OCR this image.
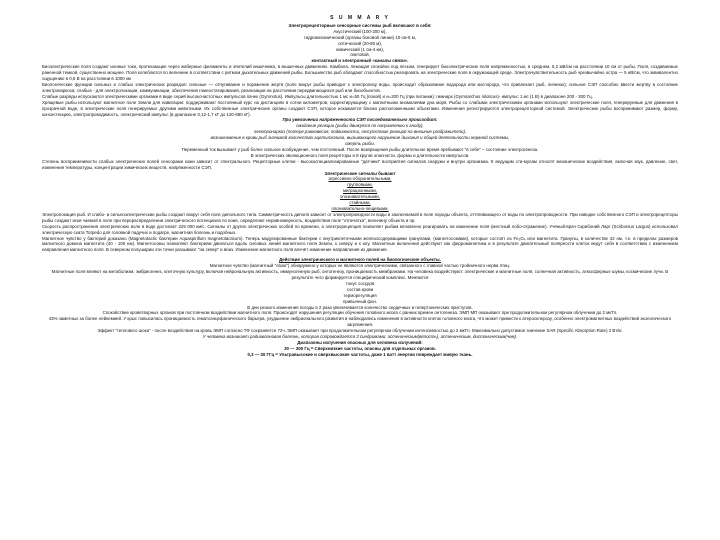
S U M M A R Y

Электрорецепторные сенсорные системы рыб включают в себя:

Акустический (100-200 м),

гидромеханический (органы боковой линии) 10 см-5 м,

оптический (20-80 м),

химический (1 см-4 км),

световой,

контактный и электронный «каналы связи».

Биоэлектрические поля создают ионные токи, протекающие через жаберные филаменты и эпителий кишечника, в мышечных движениях. Камбала, лежащая спокойно под песком, генерирует биоэлектрические поля напряженностью, в среднем, 0,2 мВ/см на расстоянии 10 см от рыбы. Поля, создаваемые раненной темкой, существенно мощнее. Поля колеблются по величине в соответствии с ритмом дыхательных движений рыбы. Большинство рыб обладают способностью реагировать на электрические поля в окружающей среде. Электрочувствительность рыб чрезвычайно остра — 5 нВ/см, что эквивалентно ощущению в 0,5 В на расстоянии в 1000 км

Биологические функции сильных и слабых электрических разрядов: сильные — отпугивание и поражение жертв (поле вокруг рыбы приводит к электролизу воды, происходит образование водорода или кислорода, что привлекает рыб, личинок); сильное СЭП способно ввести жертву в состояние электронаркоза; слабые - для электролокации, коммуникации, обеспечения гомеостатирования, реализации на расстоянии передвигающихся рыб или биообъектов.

Слабые разряды испускаются электрическими органами в виде серий высокочастотных импульсов пачек (Gymnotus). Импульсы длительностью 1 мс и=50 Гц (покой) и и=200 Гц (при питании): гимнарх (Gymnarchus niloticus)- импульс 1 мс (1 В) в диапазоне 200 - 300 Гц.

Хрящевые рыбы используют магнитное поле Земли для навигации: поддерживают постоянный курс на дистанциях в сотни километров, корректирующему с магнитными аномалиями дна моря. Рыбы со слабыми электрическими органами используют электрические поля, генерируемые для движения в прозрачной воде, в электрические поля генерируемых другими животными. Их собственные электрические органы создают СЭП, которое искажается близко расположенными объектами. Изменения регистрируются электрорецепторной системой. Электрические рыбы воспринимают размер, форму, консистенцию, электропроводимость, электрический импульс (в диапазоне 0,12-1,7 кГ до 120-680 кГ).

При увеличении напряженности СЭП последовательно происходит:

ожидание реакции (рыбы движутся по направлению к аноду),

электронаркоз (потеря равновесия, подвижности, отсутствие реакций на внешние раздражители),

возникновение в крови рыб значимой количества ацетилхолина, вызывающего нарушение дыхания и общей деятельности нервной системы,

смерть рыбы.

Переменный ток вызывает у рыб более сильное возбуждение, чем постоянный. После возвращения рыбы длительное время пребывают "в себе" – состояние электрогенеза.

В электрических эволюционного поля рецепторы и 8 кругов опасности, формы и длительности импульсов.

Степень восприимчивости слабых электрических полей сенсорами кожи зависит от спектрального. Рецепторные клетки - высокоспециализированные "датчики" восприятия сигналов снаружи и внутри организма. К ведущим сти-мулам относят механические воздействия, включая звук, давление, свет, изменения температуры, концентрации химических веществ, напряженности СЭП.

Электрические сигналы бывают

агрессивно-оборонительными,

групповыми,

миграционными,

опознавательными,

стайными,

опознавательно-лещевыми.

Электролокация рыб. И слабо- и сильноэлектрические рыбы создают вокруг себя поле дипольного типа. Симметричность диполя зависит от электропроводности воды и заключаемой в поле породы объекта, оттягивающего от воды по электропроводности. При наводке собственного СЭП и электрорецепторы рыбы создают иски чаемой в поле при перераспределении электрического потенциала по коже, определяют неравномерность, воздействия поле "отпечатка", величину объекта и пр.

Скорость распространения электрических волн в воде достигает 225 000 км/с. Сигналы от других электрических особей по времени, а электрорецепция позволяет рыбам мгновенно реагировать на изменение поля (местный лобо-отражение). Учёный-врач Скрибоний Ларг (Scribonius Largus) использовал электрическую ската Torpedo для головной падучих и подагре, магнитная болезнь и подобных.

Магнитное чувство у бактерий доказано (Magnetotactic бактерии Aquaspirillum magnetotacticum). Теперь модулированные бактерии с внутриклеточными железосодержащими гранулами, (магнетосомами), которые состоят из Fe₃O₄ или магнетита. Гранулы, в количестве 42 нм, т.е. в пределах размеров магнитного домена магнетита (40 - 100 нм). Магнетосомы позволяют бактериям двигаться вдоль силовых линий магнитного поля Земли, к северу и к югу. Магнитные включения действуют как ферромагнетика и в результате двигательный полярности клеток ведут себя в соответствии с изменением направления магнитного поля. В северном полушарии эти точки указывают "на север" и вниз. Изменение магнитного поля влечёт изменение направления их движения.

Действие электрического и магнитного полей на биологические объекты.

Магнитное чувство (магнитный "свою") обнаружено у которых не являются электрическими, связанного с главной частью тройничного нерва птиц.

Магнитные поля влияют на метаболизм, эмбриогенез, клеточную культуру, включая нейрональную активность, иммуногенную рыб, онтогенезу, проницаемость мембранами. На человека воздействуют: электрические и магнитные поля, солнечная активность, атмосферные шумы, космические лучи. В результате чего формируется специфический комплекс. Меняются

тонус сосудов

состав крови

терморегуляция

привычный фон.

В дни резкого изменения погоды в 2 раза увеличивается количество сердечных и гипертонических приступов.

Спокойствие кроветворных органов при постоянном воздействии магнитного поля. Происходят нарушения регуляции обучения головного мозга с ранних времен онтогенеза. ЭМП МП оказывают при продолжительном регулярном облучении до 2 мкТл.

43% заметных за более лейкемией. У крыс повысилась проницаемость гематоэнцефалического барьера, ухудшение эмбрионального развития и наблюдались изменения в активности клеток головного мозга, что может привести к атеросклерозу, особенно электромагнитных воздействий экологического загрязнения.

Эффект "теплового шока" - после воздействия на кровь ЭМП согласно ТФ сохраняется 72ч. ЭМП оказывает при продолжительном регулярном облучении интенсивностью до 2 мкТл. Максимально допустимое значение SAR (Specific Absorption Rate) 2 Вт/кг.

У человека возникает радиоволновая болезнь, которая сопровождается 3 синдромами: астеническим(вялость), астеническим, дистоническим(чем).

Диапазоны излучения опасных для человека излучений:

30 — 300 Гц = Сверхнизкие частоты, опасны для отдельных органов.

0,3 — 30 ГГц = Ультравысокие и сверхвысокие частоты, даже 1 ватт энергии повреждает живую ткань.
